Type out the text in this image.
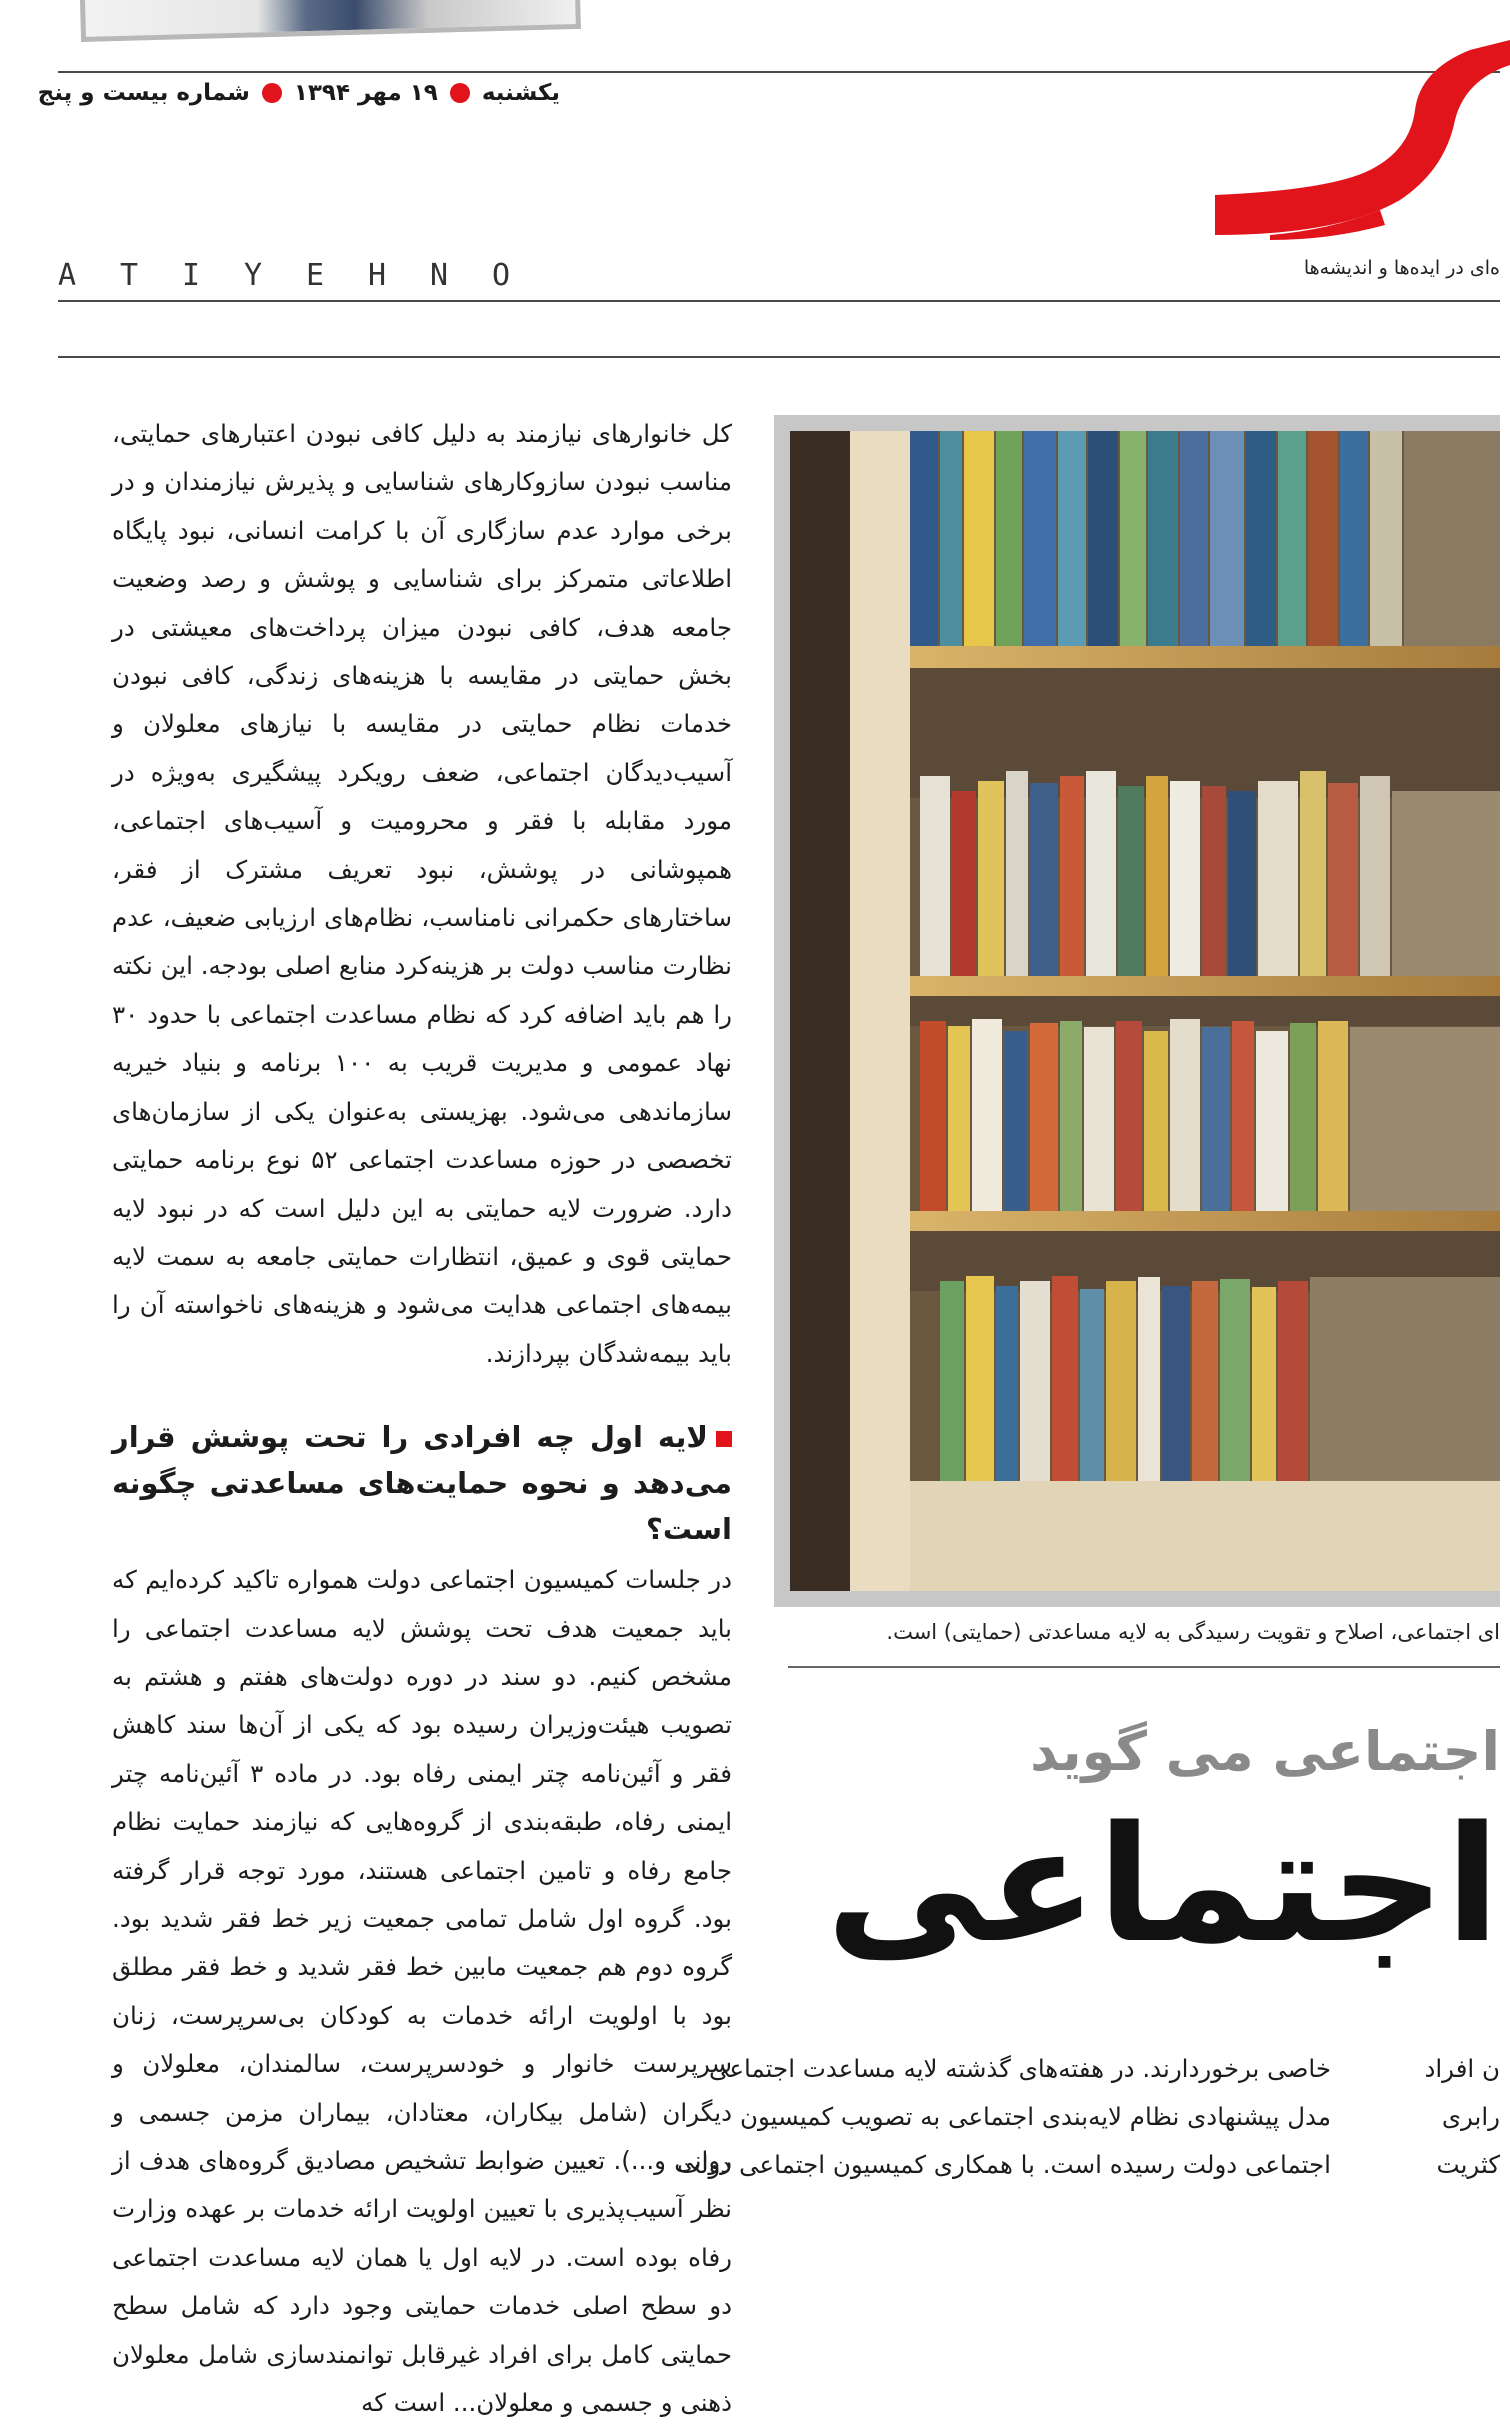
یکشنبه
۱۹ مهر ۱۳۹۴
شماره بیست و پنج
ه‌ای در ایده‌ها و اندیشه‌ها
A	T	I	Y	E	H	N	O

کل خانوارهای نیازمند به دلیل کافی نبودن اعتبارهای حمایتی، مناسب نبودن سازوکارهای شناسایی و پذیرش نیازمندان و در برخی موارد عدم سازگاری آن با کرامت انسانی، نبود پایگاه اطلاعاتی متمرکز برای شناسایی و پوشش و رصد وضعیت جامعه هدف، کافی نبودن میزان پرداخت‌های معیشتی در بخش حمایتی در مقایسه با هزینه‌های زندگی، کافی نبودن خدمات نظام حمایتی در مقایسه با نیازهای معلولان و آسیب‌دیدگان اجتماعی، ضعف رویکرد پیشگیری به‌ویژه در مورد مقابله با فقر و محرومیت و آسیب‌های اجتماعی، همپوشانی در پوشش، نبود تعریف مشترک از فقر، ساختارهای حکمرانی نامناسب، نظام‌های ارزیابی ضعیف، عدم نظارت مناسب دولت بر هزینه‌کرد منابع اصلی بودجه. این نکته را هم باید اضافه کرد که نظام مساعدت اجتماعی با حدود ۳۰ نهاد عمومی و مدیریت قریب به ۱۰۰ برنامه و بنیاد خیریه سازماندهی می‌شود. بهزیستی به‌عنوان یکی از سازمان‌های تخصصی در حوزه مساعدت اجتماعی ۵۲ نوع برنامه حمایتی دارد. ضرورت لایه حمایتی به این دلیل است که در نبود لایه حمایتی قوی و عمیق، انتظارات حمایتی جامعه به سمت لایه بیمه‌های اجتماعی هدایت می‌شود و هزینه‌های ناخواسته آن را باید بیمه‌شدگان بپردازند.

لایه اول چه افرادی را تحت پوشش قرار می‌دهد و نحوه حمایت‌های مساعدتی چگونه است؟

در جلسات کمیسیون اجتماعی دولت همواره تاکید کرده‌ایم که باید جمعیت هدف تحت پوشش لایه مساعدت اجتماعی را مشخص کنیم. دو سند در دوره دولت‌های هفتم و هشتم به تصویب هیئت‌وزیران رسیده بود که یکی از آن‌ها سند کاهش فقر و آئین‌نامه چتر ایمنی رفاه بود. در ماده ۳ آئین‌نامه چتر ایمنی رفاه، طبقه‌بندی از گروه‌هایی که نیازمند حمایت نظام جامع رفاه و تامین اجتماعی هستند، مورد توجه قرار گرفته بود. گروه اول شامل تمامی جمعیت زیر خط فقر شدید بود. گروه دوم هم جمعیت مابین خط فقر شدید و خط فقر مطلق بود با اولویت ارائه خدمات به کودکان بی‌سرپرست، زنان سرپرست خانوار و خودسرپرست، سالمندان، معلولان و دیگران (شامل بیکاران، معتادان، بیماران مزمن جسمی و روانی و...). تعیین ضوابط تشخیص مصادیق گروه‌های هدف از نظر آسیب‌پذیری با تعیین اولویت ارائه خدمات بر عهده وزارت رفاه بوده است. در لایه اول یا همان لایه مساعدت اجتماعی دو سطح اصلی خدمات حمایتی وجود دارد که شامل سطح حمایتی کامل برای افراد غیرقابل توانمندسازی شامل معلولان ذهنی و جسمی و معلولان... است که

ای اجتماعی، اصلاح و تقویت رسیدگی به لایه مساعدتی (حمایتی) است.
اجتماعی می گوید
اجتماعی
خاصی برخوردارند. در هفته‌های گذشته لایه مساعدت اجتماعی
مدل پیشنهادی نظام لایه‌بندی اجتماعی به تصویب کمیسیون
اجتماعی دولت رسیده است. با همکاری کمیسیون اجتماعی دولت
ن افراد
رابری
کثریت
